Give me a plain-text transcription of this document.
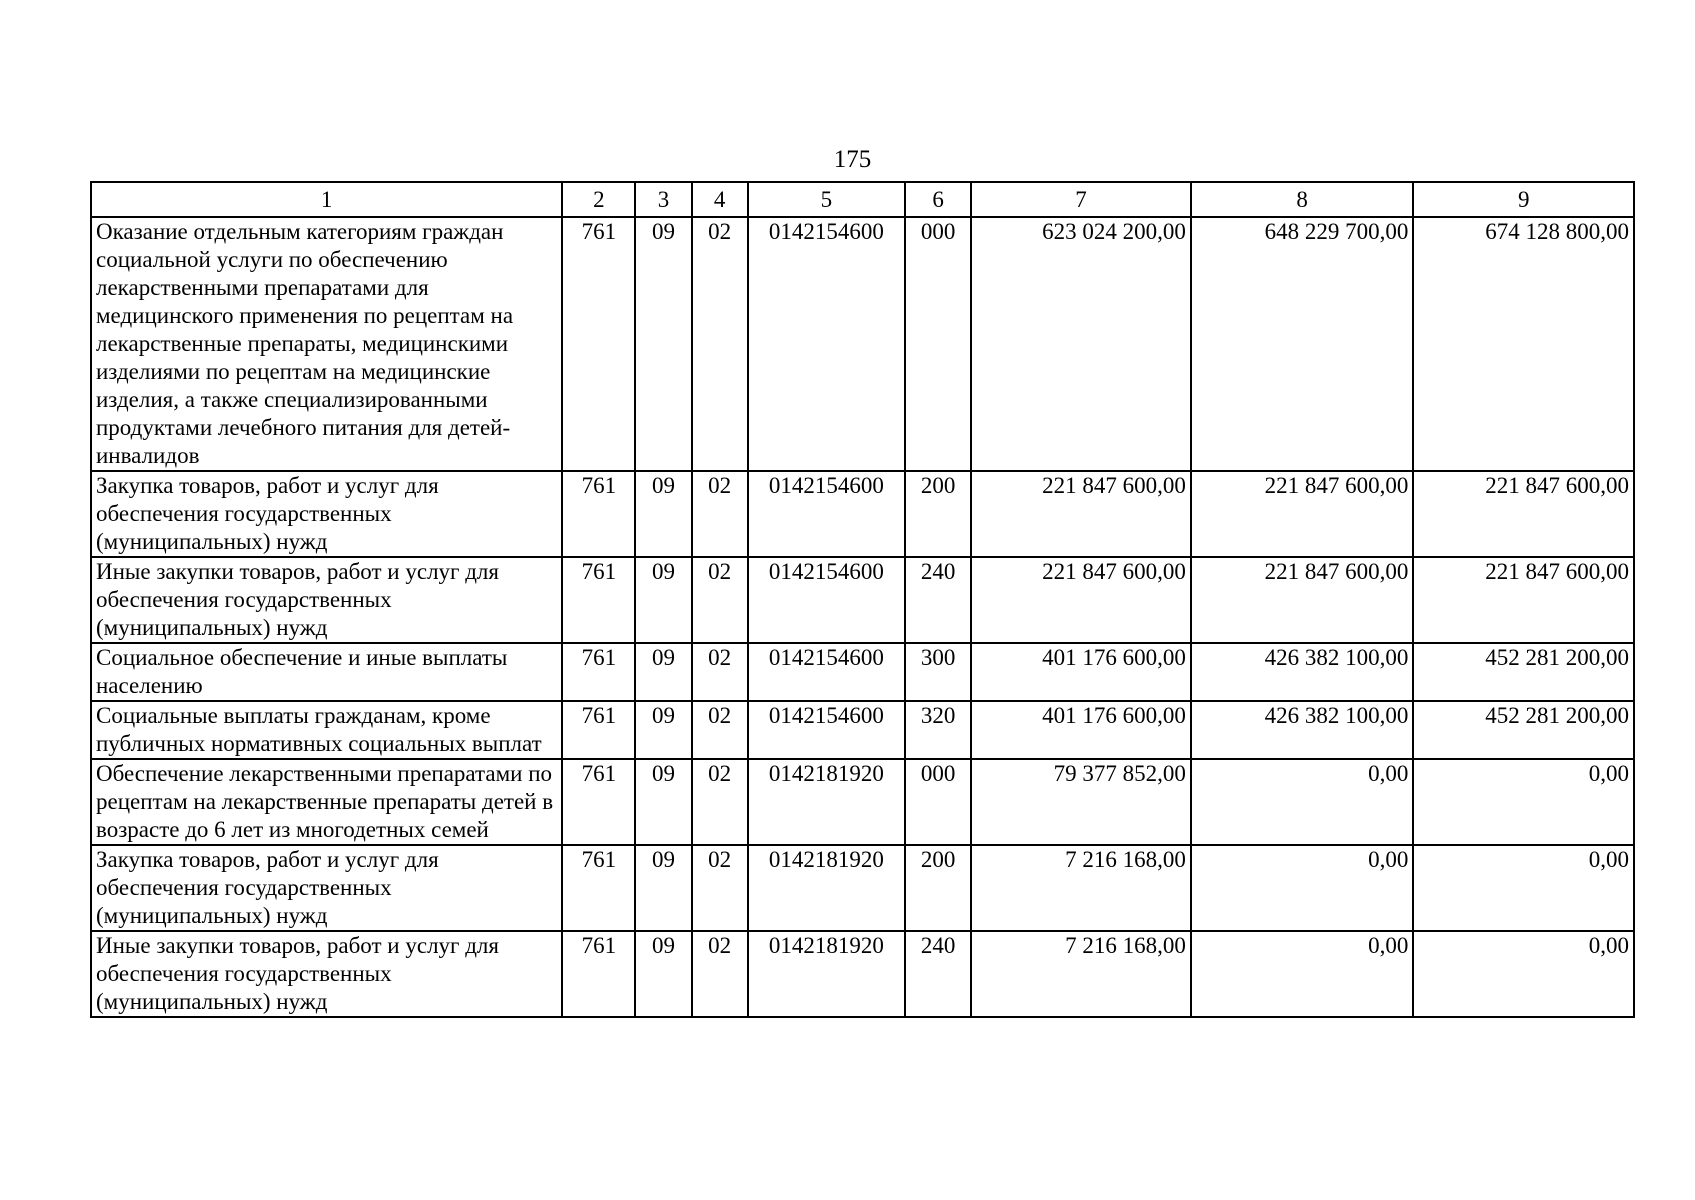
175
1	2	3	4	5	6	7	8	9
Оказание отдельным категориям граждан социальной услуги по обеспечению лекарственными препаратами для медицинского применения по рецептам на лекарственные препараты, медицинскими изделиями по рецептам на медицинские изделия, а также специализированными продуктами лечебного питания для детей-инвалидов	761	09	02	0142154600	000	623 024 200,00	648 229 700,00	674 128 800,00
Закупка товаров, работ и услуг для обеспечения государственных (муниципальных) нужд	761	09	02	0142154600	200	221 847 600,00	221 847 600,00	221 847 600,00
Иные закупки товаров, работ и услуг для обеспечения государственных (муниципальных) нужд	761	09	02	0142154600	240	221 847 600,00	221 847 600,00	221 847 600,00
Социальное обеспечение и иные выплаты населению	761	09	02	0142154600	300	401 176 600,00	426 382 100,00	452 281 200,00
Социальные выплаты гражданам, кроме публичных нормативных социальных выплат	761	09	02	0142154600	320	401 176 600,00	426 382 100,00	452 281 200,00
Обеспечение лекарственными препаратами по рецептам на лекарственные препараты детей в возрасте до 6 лет из многодетных семей	761	09	02	0142181920	000	79 377 852,00	0,00	0,00
Закупка товаров, работ и услуг для обеспечения государственных (муниципальных) нужд	761	09	02	0142181920	200	7 216 168,00	0,00	0,00
Иные закупки товаров, работ и услуг для обеспечения государственных (муниципальных) нужд	761	09	02	0142181920	240	7 216 168,00	0,00	0,00
